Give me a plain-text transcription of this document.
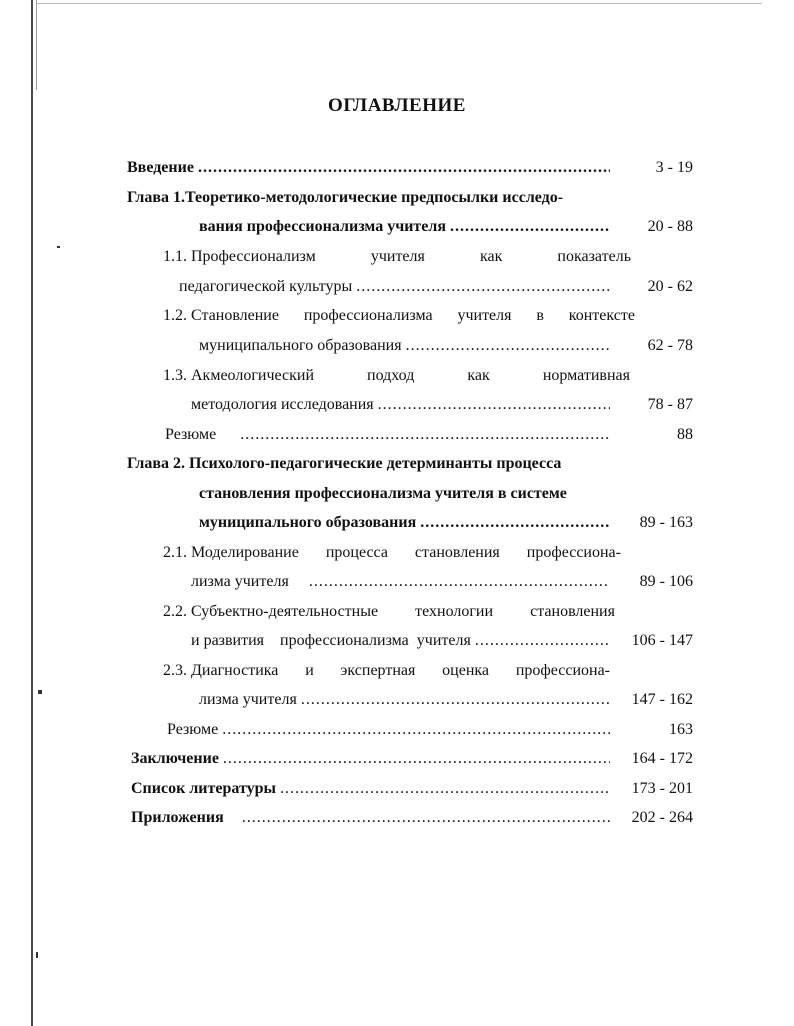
ОГЛАВЛЕНИЕ
Введение .....	3 - 19
Глава 1.Теоретико-методологические предпосылки исследо-
вания профессионализма учителя .....	20 - 88
1.1. Профессионализм	учителя	как	показатель
педагогической культуры .....	20 - 62
1.2. Становление профессионализма учителя в контексте
муниципального образования .....	62 - 78
1.3. Акмеологический	подход	как	нормативная
методология исследования .....	78 - 87
Резюме .....	88
Глава 2. Психолого-педагогические детерминанты процесса
становления профессионализма учителя в системе
муниципального образования .....	89 - 163
2.1. Моделирование процесса становления профессиона-
лизма учителя .....	89 - 106
2.2. Субъектно-деятельностные технологии становления
и развития    профессионализма  учителя .....	106 - 147
2.3. Диагностика и экспертная оценка профессиона-
лизма учителя .....	147 - 162
Резюме .....	163
Заключение .....	164 - 172
Список литературы .....	173 - 201
Приложения .....	202 - 264
